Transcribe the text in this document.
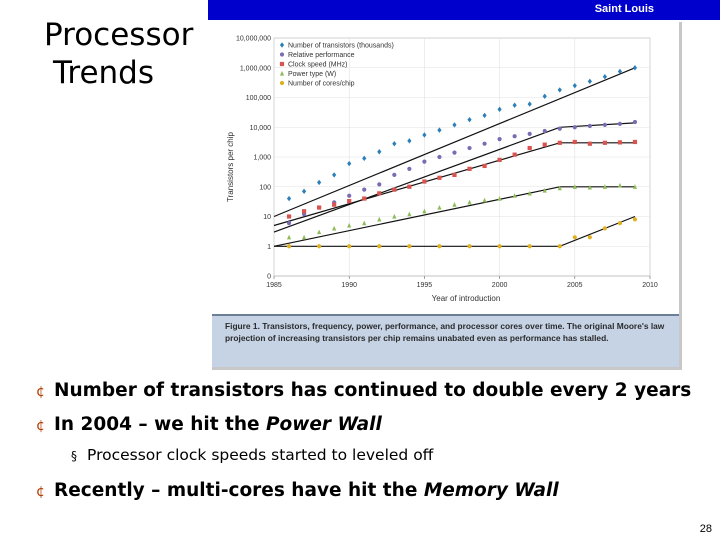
Saint Louis
Processor
Trends
0
1
10
100
1,000
10,000
100,000
1,000,000
10,000,000
1985	1990	1995	2000	2005	2010
Number of transistors (thousands)
Relative performance
Clock speed (MHz)
Power type (W)
Number of cores/chip
Transistors per chip
Year of introduction
Figure 1. Transistors, frequency, power, performance, and processor cores over time. The original Moore's law projection of increasing transistors per chip remains unabated even as performance has stalled.
¢ Number of transistors has continued to double every 2 years
¢ In 2004 – we hit the Power Wall
§ Processor clock speeds started to leveled off
¢ Recently – multi-cores have hit the Memory Wall
28
